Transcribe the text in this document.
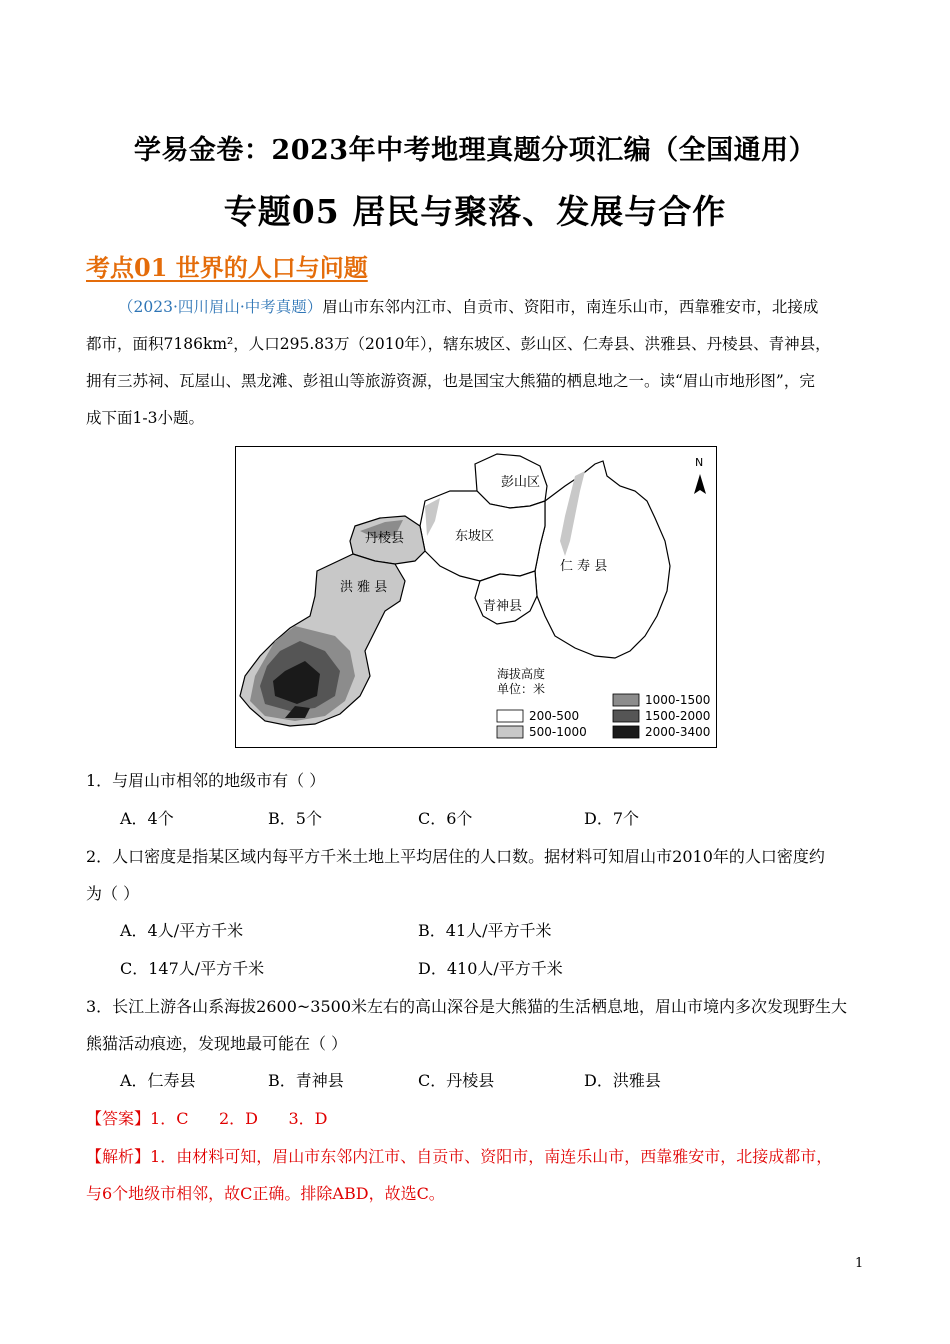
学易金卷：2023年中考地理真题分项汇编（全国通用）
专题05 居民与聚落、发展与合作
考点01 世界的人口与问题
（2023·四川眉山·中考真题）眉山市东邻内江市、自贡市、资阳市，南连乐山市，西靠雅安市，北接成
都市，面积7186km²，人口295.83万（2010年），辖东坡区、彭山区、仁寿县、洪雅县、丹棱县、青神县，
拥有三苏祠、瓦屋山、黑龙滩、彭祖山等旅游资源，也是国宝大熊猫的栖息地之一。读“眉山市地形图”，完
成下面1-3小题。
彭山区
东坡区
丹棱县
洪 雅 县
仁 寿 县
青神县
N
海拔高度
单位：米
200-500
500-1000
1000-1500
1500-2000
2000-3400
1．与眉山市相邻的地级市有（ ）
A．4个	B．5个	C．6个	D．7个
2．人口密度是指某区域内每平方千米土地上平均居住的人口数。据材料可知眉山市2010年的人口密度约
为（ ）
A．4人/平方千米	B．41人/平方千米
C．147人/平方千米	D．410人/平方千米
3．长江上游各山系海拔2600~3500米左右的高山深谷是大熊猫的生活栖息地，眉山市境内多次发现野生大
熊猫活动痕迹，发现地最可能在（ ）
A．仁寿县	B．青神县	C．丹棱县	D．洪雅县
【答案】1．C      2．D      3．D
【解析】1．由材料可知，眉山市东邻内江市、自贡市、资阳市，南连乐山市，西靠雅安市，北接成都市，
与6个地级市相邻，故C正确。排除ABD，故选C。
1
